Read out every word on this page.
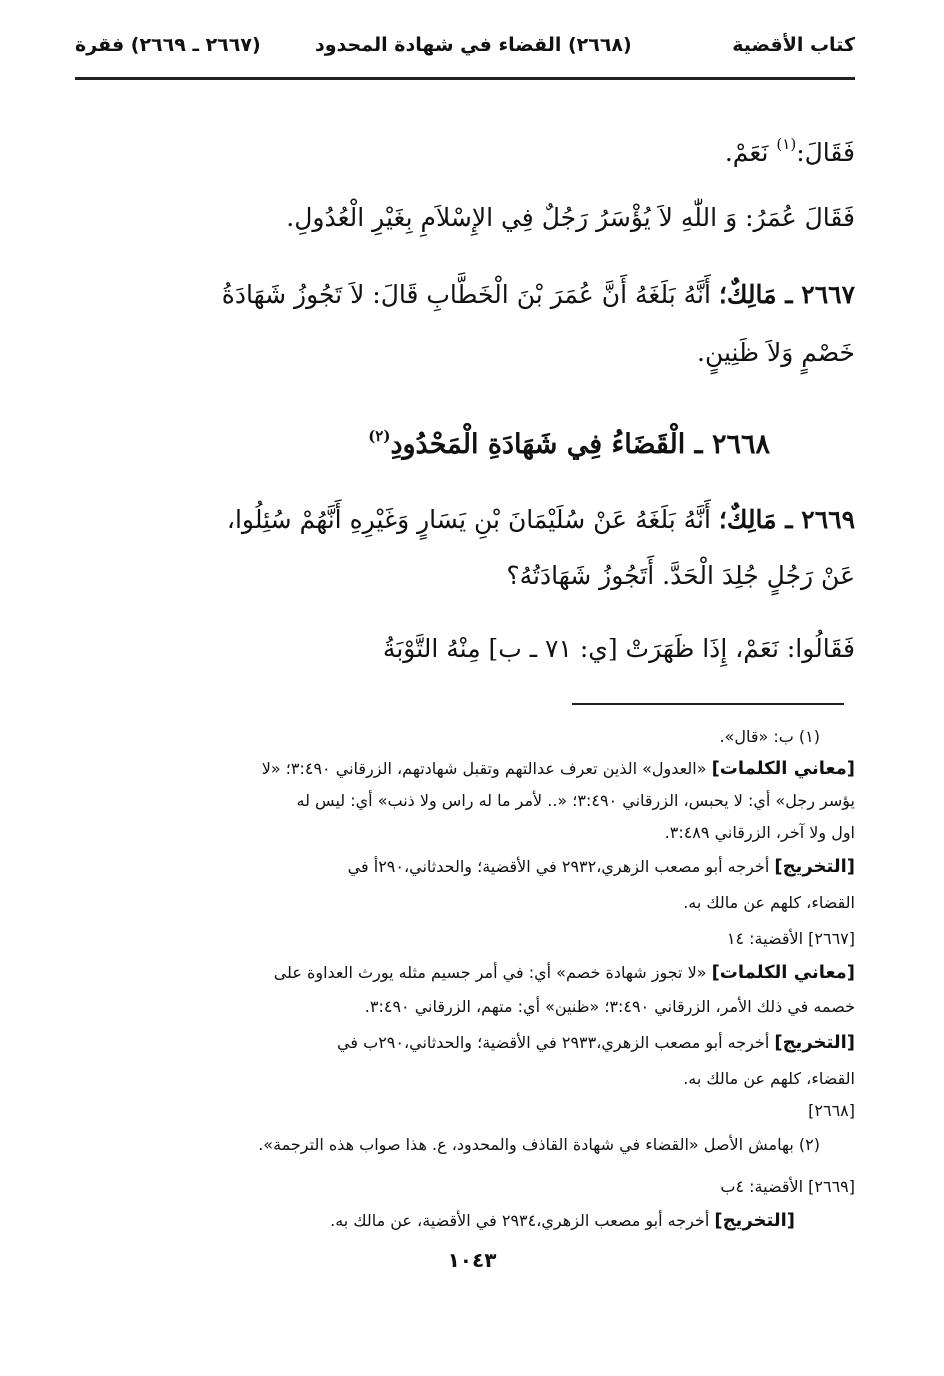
كتاب الأقضية
(٢٦٦٨) القضاء في شهادة المحدود
(٢٦٦٧ ـ ٢٦٦٩) فقرة
فَقَالَ:$^{(١)}$ نَعَمْ.
فَقَالَ عُمَرُ: وَ اللّٰهِ لاَ يُؤْسَرُ رَجُلٌ فِي الإِسْلاَمِ بِغَيْرِ الْعُدُولِ.
٢٦٦٧ ـ مَالِكٌ؛ أَنَّهُ بَلَغَهُ أَنَّ عُمَرَ بْنَ الْخَطَّابِ قَالَ: لاَ تَجُوزُ شَهَادَةُ
خَصْمٍ وَلاَ ظَنِينٍ.
٢٦٦٨ ـ الْقَضَاءُ فِي شَهَادَةِ الْمَحْدُودِ$^{(٢)}$
٢٦٦٩ ـ مَالِكٌ؛ أَنَّهُ بَلَغَهُ عَنْ سُلَيْمَانَ بْنِ يَسَارٍ وَغَيْرِهِ أَنَّهُمْ سُئِلُوا،
عَنْ رَجُلٍ جُلِدَ الْحَدَّ. أَتَجُوزُ شَهَادَتُهُ؟
فَقَالُوا: نَعَمْ، إِذَا ظَهَرَتْ [ي: ٧١ ـ ب] مِنْهُ التَّوْبَةُ
(١) ب: «قال».
[معاني الكلمات] «العدول» الذين تعرف عدالتهم وتقبل شهادتهم، الزرقاني ٣:٤٩٠؛ «لا
يؤسر رجل» أي: لا يحبس، الزرقاني ٣:٤٩٠؛ «.. لأمر ما له راس ولا ذنب» أي: ليس له
اول ولا آخر، الزرقاني ٣:٤٨٩.
[التخريج] أخرجه أبو مصعب الزهري،٢٩٣٢ في الأقضية؛ والحدثاني،٢٩٠أ في
القضاء، كلهم عن مالك به.
[٢٦٦٧] الأقضية: ١٤
[معاني الكلمات] «لا تجوز شهادة خصم» أي: في أمر جسيم مثله يورث العداوة على
خصمه في ذلك الأمر، الزرقاني ٣:٤٩٠؛ «ظنين» أي: متهم، الزرقاني ٣:٤٩٠.
[التخريج] أخرجه أبو مصعب الزهري،٢٩٣٣ في الأقضية؛ والحدثاني،٢٩٠ب في
القضاء، كلهم عن مالك به.
[٢٦٦٨]
(٢) بهامش الأصل «القضاء في شهادة القاذف والمحدود، ع. هذا صواب هذه الترجمة».
[٢٦٦٩] الأقضية: ٤ب
[التخريج] أخرجه أبو مصعب الزهري،٢٩٣٤ في الأقضية، عن مالك به.
١٠٤٣
